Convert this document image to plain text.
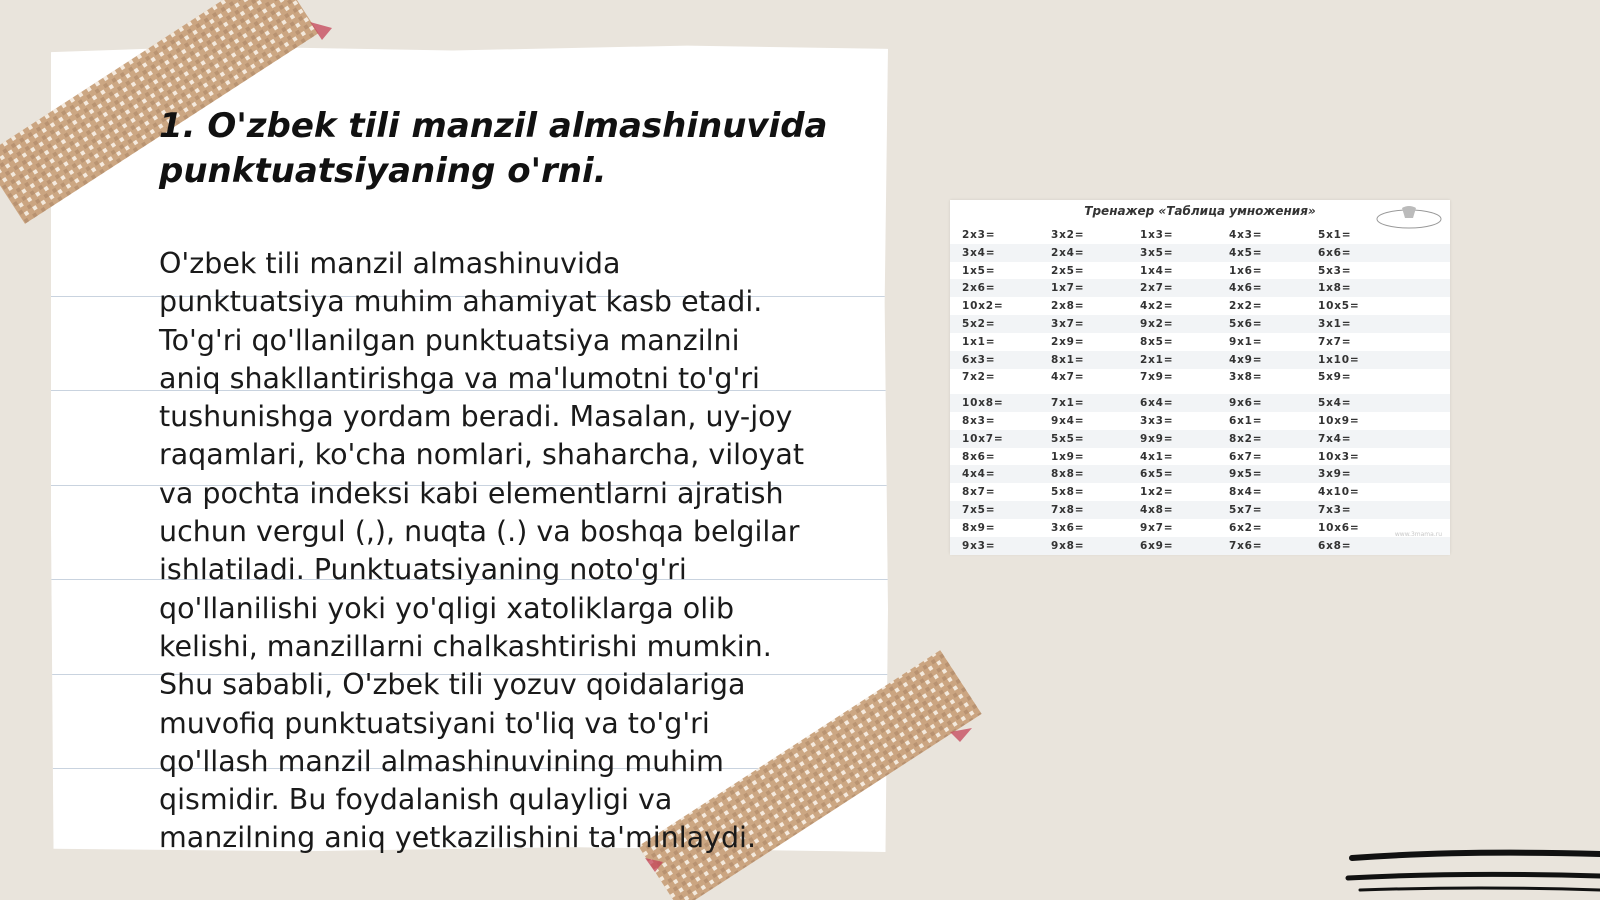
1. O'zbek tili manzil almashinuvida punktuatsiyaning o'rni.

O'zbek tili manzil almashinuvida
punktuatsiya muhim ahamiyat kasb etadi.
To'g'ri qo'llanilgan punktuatsiya manzilni
aniq shakllantirishga va ma'lumotni to'g'ri
tushunishga yordam beradi. Masalan, uy-joy
raqamlari, ko'cha nomlari, shaharcha, viloyat
va pochta indeksi kabi elementlarni ajratish
uchun vergul (,), nuqta (.) va boshqa belgilar
ishlatiladi. Punktuatsiyaning noto'g'ri
qo'llanilishi yoki yo'qligi xatoliklarga olib
kelishi, manzillarni chalkashtirishi mumkin.
Shu sababli, O'zbek tili yozuv qoidalariga
muvofiq punktuatsiyani to'liq va to'g'ri
qo'llash manzil almashinuvining muhim
qismidir. Bu foydalanish qulayligi va
manzilning aniq yetkazilishini ta'minlaydi.

Тренажер «Таблица умножения»
2x3=	3x2=	1x3=	4x3=	5x1=
3x4=	2x4=	3x5=	4x5=	6x6=
1x5=	2x5=	1x4=	1x6=	5x3=
2x6=	1x7=	2x7=	4x6=	1x8=
10x2=	2x8=	4x2=	2x2=	10x5=
5x2=	3x7=	9x2=	5x6=	3x1=
1x1=	2x9=	8x5=	9x1=	7x7=
6x3=	8x1=	2x1=	4x9=	1x10=
7x2=	4x7=	7x9=	3x8=	5x9=
10x8=	7x1=	6x4=	9x6=	5x4=
8x3=	9x4=	3x3=	6x1=	10x9=
10x7=	5x5=	9x9=	8x2=	7x4=
8x6=	1x9=	4x1=	6x7=	10x3=
4x4=	8x8=	6x5=	9x5=	3x9=
8x7=	5x8=	1x2=	8x4=	4x10=
7x5=	7x8=	4x8=	5x7=	7x3=
8x9=	3x6=	9x7=	6x2=	10x6=
9x3=	9x8=	6x9=	7x6=	6x8=
www.3mama.ru
